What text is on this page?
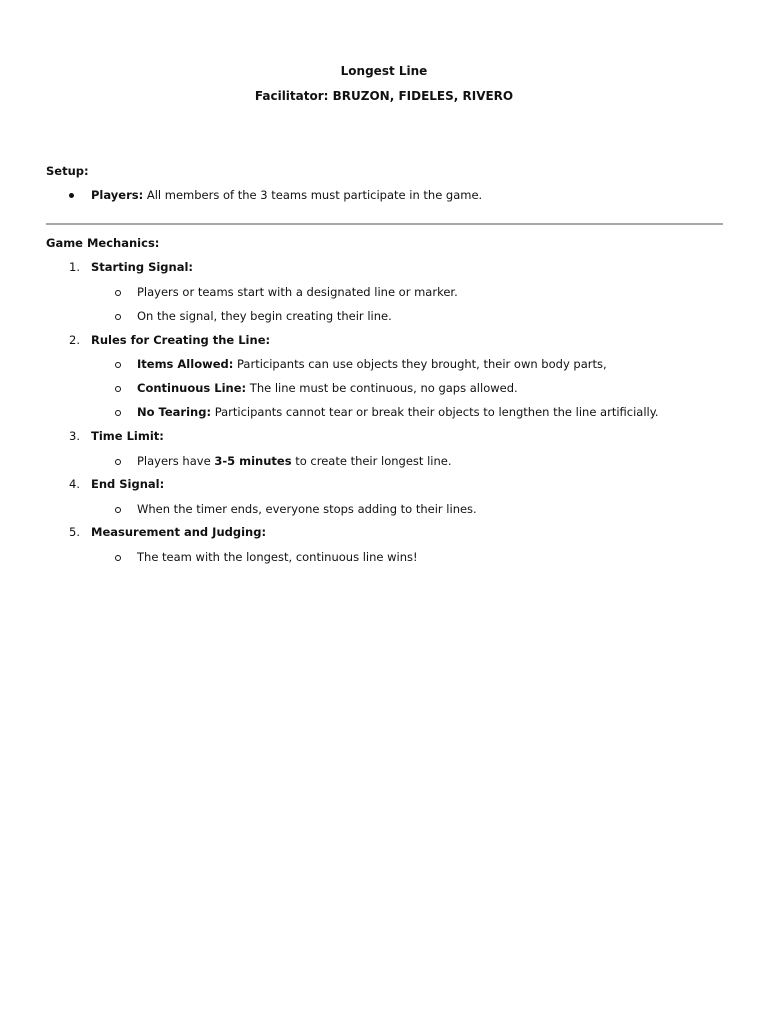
Longest Line
Facilitator: BRUZON, FIDELES, RIVERO
Setup:
Players: All members of the 3 teams must participate in the game.
Game Mechanics:
1. Starting Signal:
Players or teams start with a designated line or marker.
On the signal, they begin creating their line.
2. Rules for Creating the Line:
Items Allowed: Participants can use objects they brought, their own body parts,
Continuous Line: The line must be continuous, no gaps allowed.
No Tearing: Participants cannot tear or break their objects to lengthen the line artificially.
3. Time Limit:
Players have 3-5 minutes to create their longest line.
4. End Signal:
When the timer ends, everyone stops adding to their lines.
5. Measurement and Judging:
The team with the longest, continuous line wins!
